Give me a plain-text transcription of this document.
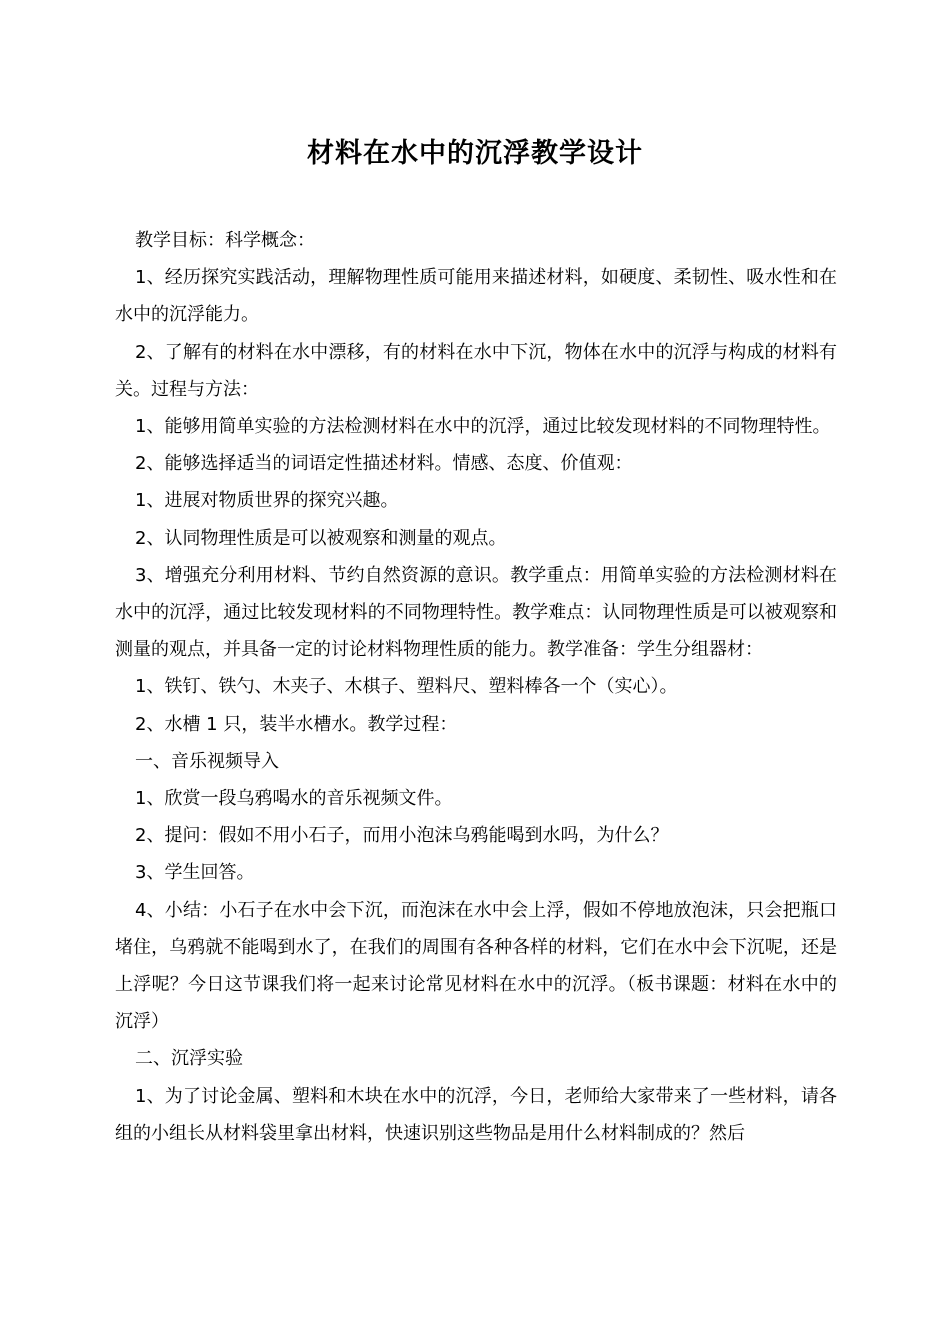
材料在水中的沉浮教学设计

教学目标：科学概念：

1、经历探究实践活动，理解物理性质可能用来描述材料，如硬度、柔韧性、吸水性和在水中的沉浮能力。

2、了解有的材料在水中漂移，有的材料在水中下沉，物体在水中的沉浮与构成的材料有关。过程与方法：

1、能够用简单实验的方法检测材料在水中的沉浮，通过比较发现材料的不同物理特性。

2、能够选择适当的词语定性描述材料。情感、态度、价值观：

1、进展对物质世界的探究兴趣。

2、认同物理性质是可以被观察和测量的观点。

3、增强充分利用材料、节约自然资源的意识。教学重点：用简单实验的方法检测材料在水中的沉浮，通过比较发现材料的不同物理特性。教学难点：认同物理性质是可以被观察和测量的观点，并具备一定的讨论材料物理性质的能力。教学准备：学生分组器材：

1、铁钉、铁勺、木夹子、木棋子、塑料尺、塑料棒各一个（实心）。

2、水槽 1 只，装半水槽水。教学过程：

一、音乐视频导入

1、欣赏一段乌鸦喝水的音乐视频文件。

2、提问：假如不用小石子，而用小泡沫乌鸦能喝到水吗，为什么？

3、学生回答。

4、小结：小石子在水中会下沉，而泡沫在水中会上浮，假如不停地放泡沫，只会把瓶口堵住，乌鸦就不能喝到水了，在我们的周围有各种各样的材料，它们在水中会下沉呢，还是上浮呢？今日这节课我们将一起来讨论常见材料在水中的沉浮。（板书课题：材料在水中的沉浮）

二、沉浮实验

1、为了讨论金属、塑料和木块在水中的沉浮，今日，老师给大家带来了一些材料，请各组的小组长从材料袋里拿出材料，快速识别这些物品是用什么材料制成的？然后
